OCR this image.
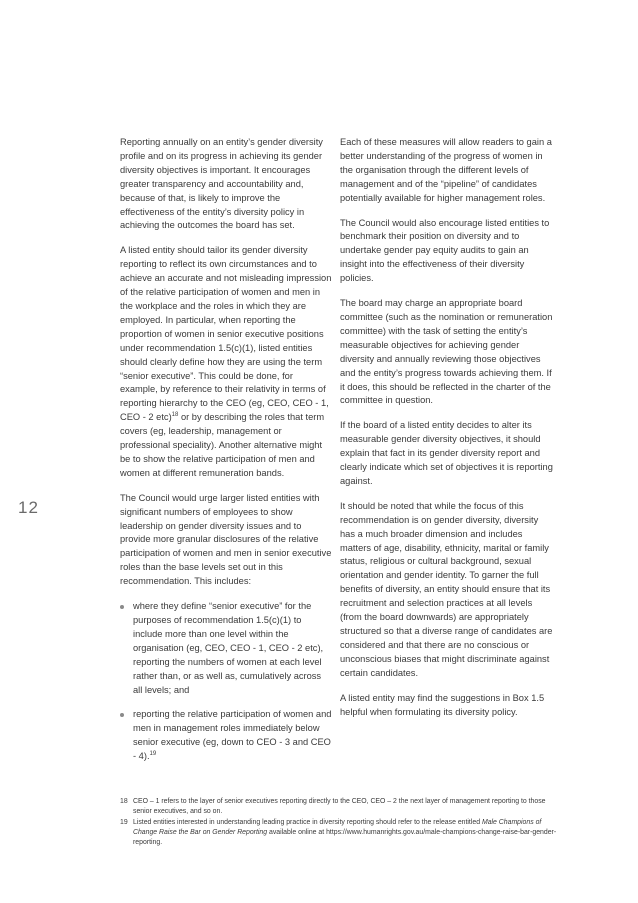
12

Reporting annually on an entity’s gender diversity profile and on its progress in achieving its gender diversity objectives is important. It encourages greater transparency and accountability and, because of that, is likely to improve the effectiveness of the entity’s diversity policy in achieving the outcomes the board has set.

A listed entity should tailor its gender diversity reporting to reflect its own circumstances and to achieve an accurate and not misleading impression of the relative participation of women and men in the workplace and the roles in which they are employed. In particular, when reporting the proportion of women in senior executive positions under recommendation 1.5(c)(1), listed entities should clearly define how they are using the term “senior executive”. This could be done, for example, by reference to their relativity in terms of reporting hierarchy to the CEO (eg, CEO, CEO - 1, CEO - 2 etc)$^{18}$ or by describing the roles that term covers (eg, leadership, management or professional speciality). Another alternative might be to show the relative participation of men and women at different remuneration bands.

The Council would urge larger listed entities with significant numbers of employees to show leadership on gender diversity issues and to provide more granular disclosures of the relative participation of women and men in senior executive roles than the base levels set out in this recommendation. This includes:

where they define “senior executive” for the purposes of recommendation 1.5(c)(1) to include more than one level within the organisation (eg, CEO, CEO - 1, CEO - 2 etc), reporting the numbers of women at each level rather than, or as well as, cumulatively across all levels; and
reporting the relative participation of women and men in management roles immediately below senior executive (eg, down to CEO - 3 and CEO - 4).$^{19}$

Each of these measures will allow readers to gain a better understanding of the progress of women in the organisation through the different levels of management and of the “pipeline” of candidates potentially available for higher management roles.

The Council would also encourage listed entities to benchmark their position on diversity and to undertake gender pay equity audits to gain an insight into the effectiveness of their diversity policies.

The board may charge an appropriate board committee (such as the nomination or remuneration committee) with the task of setting the entity’s measurable objectives for achieving gender diversity and annually reviewing those objectives and the entity’s progress towards achieving them. If it does, this should be reflected in the charter of the committee in question.

If the board of a listed entity decides to alter its measurable gender diversity objectives, it should explain that fact in its gender diversity report and clearly indicate which set of objectives it is reporting against.

It should be noted that while the focus of this recommendation is on gender diversity, diversity has a much broader dimension and includes matters of age, disability, ethnicity, marital or family status, religious or cultural background, sexual orientation and gender identity. To garner the full benefits of diversity, an entity should ensure that its recruitment and selection practices at all levels (from the board downwards) are appropriately structured so that a diverse range of candidates are considered and that there are no conscious or unconscious biases that might discriminate against certain candidates.

A listed entity may find the suggestions in Box 1.5 helpful when formulating its diversity policy.

18 CEO – 1 refers to the layer of senior executives reporting directly to the CEO, CEO – 2 the next layer of management reporting to those senior executives, and so on.
19 Listed entities interested in understanding leading practice in diversity reporting should refer to the release entitled Male Champions of Change Raise the Bar on Gender Reporting available online at https://www.humanrights.gov.au/male-champions-change-raise-bar-gender-reporting.
